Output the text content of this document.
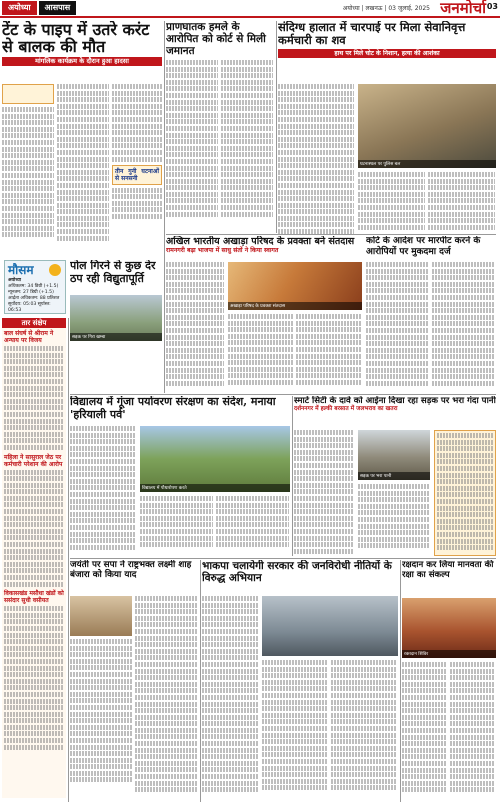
अयोध्या	आसपास	अयोध्या | लखनऊ | 03 जुलाई, 2025 जनमोर्चा 03
टेंट के पाइप में उतरे करंट से बालक की मौत
मांगलिक कार्यक्रम के दौरान हुआ हादसा
तीन गुनी घटनाओं से सनसनी
मौसम
अयोध्या
अधिकतम: 34 डिग्री (+1.5)
न्यूनतम: 27 डिग्री (+1.5)
आर्द्रता अधिकतम: 88 प्रतिशत
सूर्योदय: 05:03 सूर्यास्त: 06:53
पोल गिरने से कुछ देर ठप रही विद्युतापूर्ति
सड़क पर गिरा खम्बा
तार संक्षेप
बाल संघर्ष से श्रीराम ने अन्याय पर विजय
महिला ने सासुराल जेठ पर कर्मचारी परेशान की आरोप
विकासखंड मसौधा खंडों को ससंदार सुधी वसीयत
प्राणघातक हमले के आरोपित को कोर्ट से मिली जमानत
संदिग्ध हालात में चारपाई पर मिला सेवानिवृत्त कर्मचारी का शव
हाथ पर मिले चोट के निशान, हत्या की आशंका
घटनास्थल पर पुलिस बल
अखिल भारतीय अखाड़ा परिषद के प्रवक्ता बने संतदास
रामनगरी बढ़ा भाजपा में साधु संतों ने किया स्वागत
अखाड़ा परिषद के प्रवक्ता संतदास
कोर्ट के आदेश पर मारपीट करने के आरोपियों पर मुकदमा दर्ज
विद्यालय में गूंजा पर्यावरण संरक्षण का संदेश, मनाया 'हरियाली पर्व'
विद्यालय में पौधारोपण करते
स्मार्ट सिटी के दावे को आईना दिखा रहा सड़क पर भरा गंदा पानी
दर्शननगर में हल्की बरसात में जलभराव का खतरा
सड़क पर भरा पानी
जयंती पर सपा ने राष्ट्रभक्त लक्ष्मी शाह बंजारा को किया याद
भाकपा चलायेगी सरकार की जनविरोधी नीतियों के विरुद्ध अभियान
रक्षदान कर लिया मानवता की रक्षा का संकल्प
रक्तदान शिविर
